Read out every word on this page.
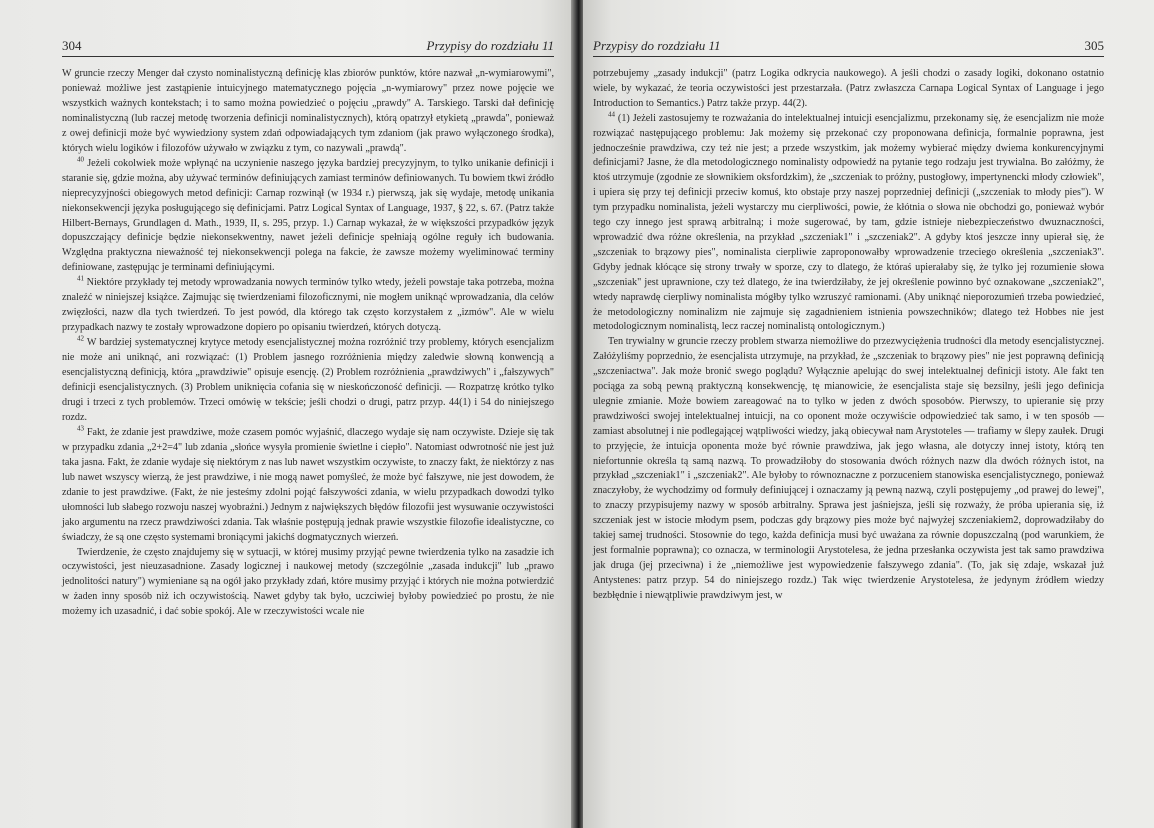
304	Przypisy do rozdziału 11

W gruncie rzeczy Menger dał czysto nominalistyczną definicję klas zbiorów punktów, które nazwał „n-wymiarowymi", ponieważ możliwe jest zastąpienie intuicyjnego matematycznego pojęcia „n-wymiarowy" przez nowe pojęcie we wszystkich ważnych kontekstach; i to samo można powiedzieć o pojęciu „prawdy" A. Tarskiego. Tarski dał definicję nominalistyczną (lub raczej metodę tworzenia definicji nominalistycznych), którą opatrzył etykietą „prawda", ponieważ z owej definicji może być wywiedziony system zdań odpowiadających tym zdaniom (jak prawo wyłączonego środka), których wielu logików i filozofów używało w związku z tym, co nazywali „prawdą".

$^{40}$ Jeżeli cokolwiek może wpłynąć na uczynienie naszego języka bardziej precyzyjnym, to tylko unikanie definicji i staranie się, gdzie można, aby używać terminów definiujących zamiast terminów definiowanych. Tu bowiem tkwi źródło nieprecyzyjności obiegowych metod definicji: Carnap rozwinął (w 1934 r.) pierwszą, jak się wydaje, metodę unikania niekonsekwencji języka posługującego się definicjami. Patrz Logical Syntax of Language, 1937, § 22, s. 67. (Patrz także Hilbert-Bernays, Grundlagen d. Math., 1939, II, s. 295, przyp. 1.) Carnap wykazał, że w większości przypadków język dopuszczający definicje będzie niekonsekwentny, nawet jeżeli definicje spełniają ogólne reguły ich budowania. Względna praktyczna nieważność tej niekonsekwencji polega na fakcie, że zawsze możemy wyeliminować terminy definiowane, zastępując je terminami definiującymi.

$^{41}$ Niektóre przykłady tej metody wprowadzania nowych terminów tylko wtedy, jeżeli powstaje taka potrzeba, można znaleźć w niniejszej książce. Zajmując się twierdzeniami filozoficznymi, nie mogłem uniknąć wprowadzania, dla celów zwięzłości, nazw dla tych twierdzeń. To jest powód, dla którego tak często korzystałem z „izmów". Ale w wielu przypadkach nazwy te zostały wprowadzone dopiero po opisaniu twierdzeń, których dotyczą.

$^{42}$ W bardziej systematycznej krytyce metody esencjalistycznej można rozróżnić trzy problemy, których esencjalizm nie może ani uniknąć, ani rozwiązać: (1) Problem jasnego rozróżnienia między zaledwie słowną konwencją a esencjalistyczną definicją, która „prawdziwie" opisuje esencję. (2) Problem rozróżnienia „prawdziwych" i „fałszywych" definicji esencjalistycznych. (3) Problem uniknięcia cofania się w nieskończoność definicji. — Rozpatrzę krótko tylko drugi i trzeci z tych problemów. Trzeci omówię w tekście; jeśli chodzi o drugi, patrz przyp. 44(1) i 54 do niniejszego rozdz.

$^{43}$ Fakt, że zdanie jest prawdziwe, może czasem pomóc wyjaśnić, dlaczego wydaje się nam oczywiste. Dzieje się tak w przypadku zdania „2+2=4" lub zdania „słońce wysyła promienie świetlne i ciepło". Natomiast odwrotność nie jest już taka jasna. Fakt, że zdanie wydaje się niektórym z nas lub nawet wszystkim oczywiste, to znaczy fakt, że niektórzy z nas lub nawet wszyscy wierzą, że jest prawdziwe, i nie mogą nawet pomyśleć, że może być fałszywe, nie jest dowodem, że zdanie to jest prawdziwe. (Fakt, że nie jesteśmy zdolni pojąć fałszywości zdania, w wielu przypadkach dowodzi tylko ułomności lub słabego rozwoju naszej wyobraźni.) Jednym z największych błędów filozofii jest wysuwanie oczywistości jako argumentu na rzecz prawdziwości zdania. Tak właśnie postępują jednak prawie wszystkie filozofie idealistyczne, co świadczy, że są one często systemami broniącymi jakichś dogmatycznych wierzeń.

Twierdzenie, że często znajdujemy się w sytuacji, w której musimy przyjąć pewne twierdzenia tylko na zasadzie ich oczywistości, jest nieuzasadnione. Zasady logicznej i naukowej metody (szczególnie „zasada indukcji" lub „prawo jednolitości natury") wymieniane są na ogół jako przykłady zdań, które musimy przyjąć i których nie można potwierdzić w żaden inny sposób niż ich oczywistością. Nawet gdyby tak było, uczciwiej byłoby powiedzieć po prostu, że nie możemy ich uzasadnić, i dać sobie spokój. Ale w rzeczywistości wcale nie

Przypisy do rozdziału 11	305

potrzebujemy „zasady indukcji" (patrz Logika odkrycia naukowego). A jeśli chodzi o zasady logiki, dokonano ostatnio wiele, by wykazać, że teoria oczywistości jest przestarzała. (Patrz zwłaszcza Carnapa Logical Syntax of Language i jego Introduction to Semantics.) Patrz także przyp. 44(2).

$^{44}$ (1) Jeżeli zastosujemy te rozważania do intelektualnej intuicji esencjalizmu, przekonamy się, że esencjalizm nie może rozwiązać następującego problemu: Jak możemy się przekonać czy proponowana definicja, formalnie poprawna, jest jednocześnie prawdziwa, czy też nie jest; a przede wszystkim, jak możemy wybierać między dwiema konkurencyjnymi definicjami? Jasne, że dla metodologicznego nominalisty odpowiedź na pytanie tego rodzaju jest trywialna. Bo załóżmy, że ktoś utrzymuje (zgodnie ze słownikiem oksfordzkim), że „szczeniak to próżny, pustogłowy, impertynencki młody człowiek", i upiera się przy tej definicji przeciw komuś, kto obstaje przy naszej poprzedniej definicji („szczeniak to młody pies"). W tym przypadku nominalista, jeżeli wystarczy mu cierpliwości, powie, że kłótnia o słowa nie obchodzi go, ponieważ wybór tego czy innego jest sprawą arbitralną; i może sugerować, by tam, gdzie istnieje niebezpieczeństwo dwuznaczności, wprowadzić dwa różne określenia, na przykład „szczeniak1" i „szczeniak2". A gdyby ktoś jeszcze inny upierał się, że „szczeniak to brązowy pies", nominalista cierpliwie zaproponowałby wprowadzenie trzeciego określenia „szczeniak3". Gdyby jednak kłócące się strony trwały w sporze, czy to dlatego, że któraś upierałaby się, że tylko jej rozumienie słowa „szczeniak" jest uprawnione, czy też dlatego, że ina twierdziłaby, że jej określenie powinno być oznakowane „szczeniak2", wtedy naprawdę cierpliwy nominalista mógłby tylko wzruszyć ramionami. (Aby uniknąć nieporozumień trzeba powiedzieć, że metodologiczny nominalizm nie zajmuje się zagadnieniem istnienia powszechników; dlatego też Hobbes nie jest metodologicznym nominalistą, lecz raczej nominalistą ontologicznym.)

Ten trywialny w gruncie rzeczy problem stwarza niemożliwe do przezwyciężenia trudności dla metody esencjalistycznej. Załóżyliśmy poprzednio, że esencjalista utrzymuje, na przykład, że „szczeniak to brązowy pies" nie jest poprawną definicją „szczeniactwa". Jak może bronić swego poglądu? Wyłącznie apelując do swej intelektualnej definicji istoty. Ale fakt ten pociąga za sobą pewną praktyczną konsekwencję, tę mianowicie, że esencjalista staje się bezsilny, jeśli jego definicja ulegnie zmianie. Może bowiem zareagować na to tylko w jeden z dwóch sposobów. Pierwszy, to upieranie się przy prawdziwości swojej intelektualnej intuicji, na co oponent może oczywiście odpowiedzieć tak samo, i w ten sposób — zamiast absolutnej i nie podlegającej wątpliwości wiedzy, jaką obiecywał nam Arystoteles — trafiamy w ślepy zaułek. Drugi to przyjęcie, że intuicja oponenta może być równie prawdziwa, jak jego własna, ale dotyczy innej istoty, którą ten niefortunnie określa tą samą nazwą. To prowadziłoby do stosowania dwóch różnych nazw dla dwóch różnych istot, na przykład „szczeniak1" i „szczeniak2". Ale byłoby to równoznaczne z porzuceniem stanowiska esencjalistycznego, ponieważ znaczyłoby, że wychodzimy od formuły definiującej i oznaczamy ją pewną nazwą, czyli postępujemy „od prawej do lewej", to znaczy przypisujemy nazwy w sposób arbitralny. Sprawa jest jaśniejsza, jeśli się rozważy, że próba upierania się, iż szczeniak jest w istocie młodym psem, podczas gdy brązowy pies może być najwyżej szczeniakiem2, doprowadziłaby do takiej samej trudności. Stosownie do tego, każda definicja musi być uważana za równie dopuszczalną (pod warunkiem, że jest formalnie poprawna); co oznacza, w terminologii Arystotelesa, że jedna przesłanka oczywista jest tak samo prawdziwa jak druga (jej przeciwna) i że „niemożliwe jest wypowiedzenie fałszywego zdania". (To, jak się zdaje, wskazał już Antystenes: patrz przyp. 54 do niniejszego rozdz.) Tak więc twierdzenie Arystotelesa, że jedynym źródłem wiedzy bezbłędnie i niewątpliwie prawdziwym jest, w
